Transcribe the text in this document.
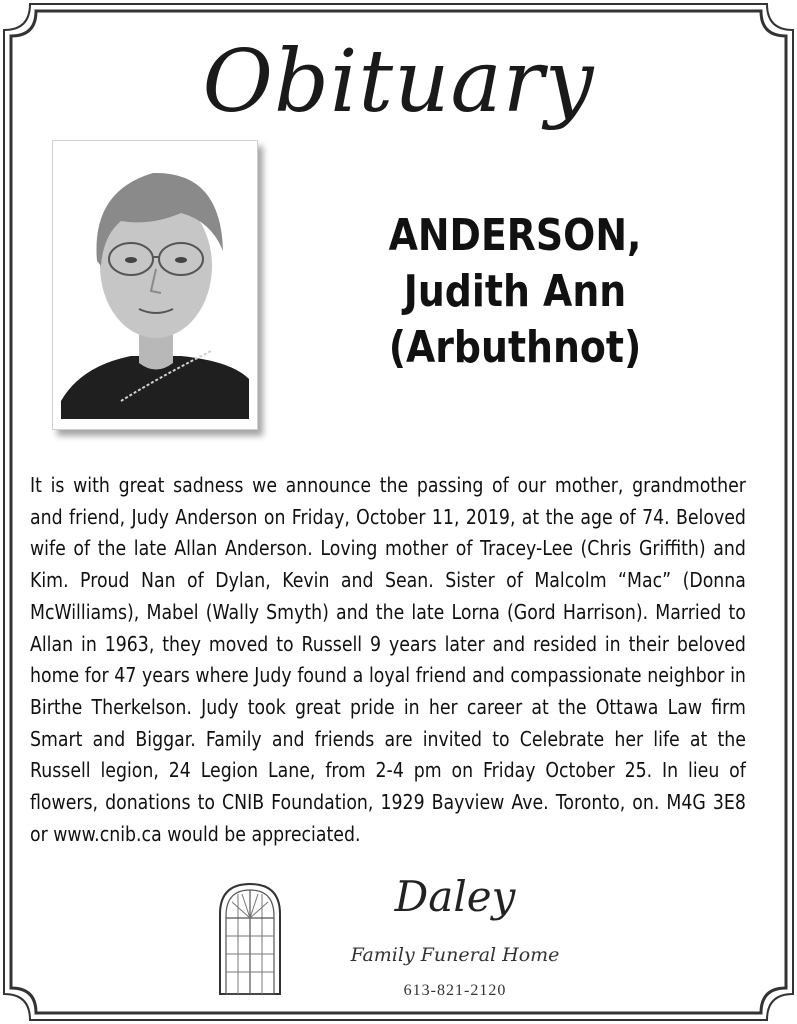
Obituary
ANDERSON,
Judith Ann
(Arbuthnot)
It is with great sadness we announce the passing of our mother, grandmother and friend, Judy Anderson on Friday, October 11, 2019, at the age of 74. Beloved wife of the late Allan Anderson. Loving mother of Tracey-Lee (Chris Griffith) and Kim. Proud Nan of Dylan, Kevin and Sean. Sister of Malcolm “Mac” (Donna McWilliams), Mabel (Wally Smyth) and the late Lorna (Gord Harrison). Married to Allan in 1963, they moved to Russell 9 years later and resided in their beloved home for 47 years where Judy found a loyal friend and compassionate neighbor in Birthe Therkelson. Judy took great pride in her career at the Ottawa Law firm Smart and Biggar. Family and friends are invited to Celebrate her life at the Russell legion, 24 Legion Lane, from 2-4 pm on Friday October 25. In lieu of flowers, donations to CNIB Foundation, 1929 Bayview Ave. Toronto, on. M4G 3E8 or www.cnib.ca would be appreciated.
Daley
Family Funeral Home
613-821-2120
